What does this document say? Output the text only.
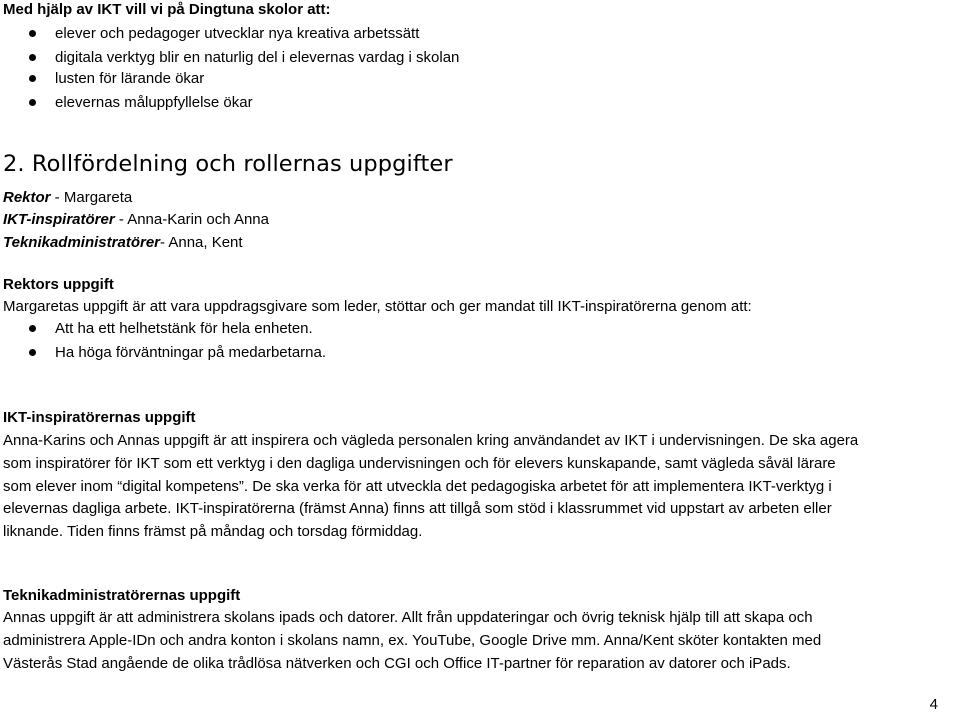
Med hjälp av IKT vill vi på Dingtuna skolor att:
elever och pedagoger utvecklar nya kreativa arbetssätt
digitala verktyg blir en naturlig del i elevernas vardag i skolan
lusten för lärande ökar
elevernas måluppfyllelse ökar
2. Rollfördelning och rollernas uppgifter
Rektor - Margareta
IKT-inspiratörer - Anna-Karin och Anna
Teknikadministratörer- Anna, Kent
Rektors uppgift
Margaretas uppgift är att vara uppdragsgivare som leder, stöttar och ger mandat till IKT-inspiratörerna genom att:
Att ha ett helhetstänk för hela enheten.
Ha höga förväntningar på medarbetarna.
IKT-inspiratörernas uppgift
Anna-Karins och Annas uppgift är att inspirera och vägleda personalen kring användandet av IKT i undervisningen. De ska agera
som inspiratörer för IKT som ett verktyg i den dagliga undervisningen och för elevers kunskapande, samt vägleda såväl lärare
som elever inom “digital kompetens”. De ska verka för att utveckla det pedagogiska arbetet för att implementera IKT-verktyg i
elevernas dagliga arbete. IKT-inspiratörerna (främst Anna) finns att tillgå som stöd i klassrummet vid uppstart av arbeten eller
liknande. Tiden finns främst på måndag och torsdag förmiddag.
Teknikadministratörernas uppgift
Annas uppgift är att administrera skolans ipads och datorer. Allt från uppdateringar och övrig teknisk hjälp till att skapa och
administrera Apple-IDn och andra konton i skolans namn, ex. YouTube, Google Drive mm. Anna/Kent sköter kontakten med
Västerås Stad angående de olika trådlösa nätverken och CGI och Office IT-partner för reparation av datorer och iPads.
4
